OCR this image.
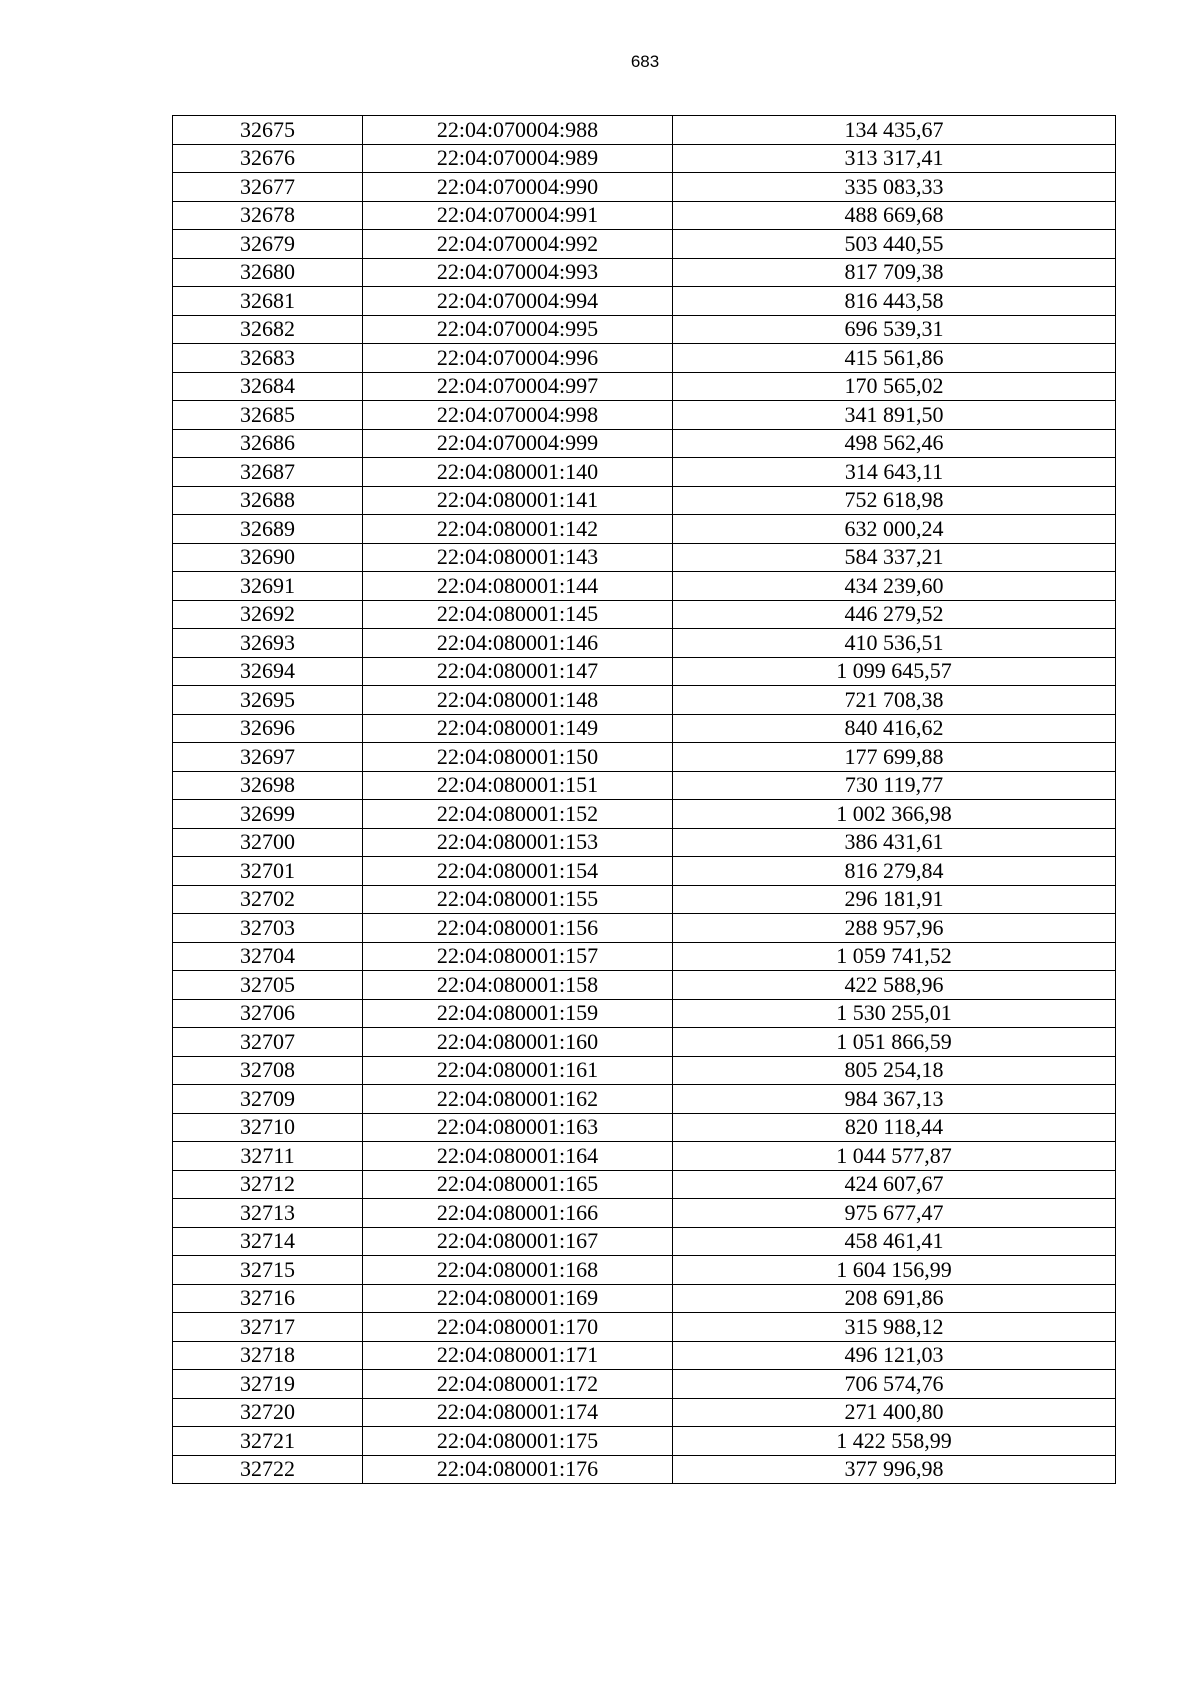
683
32675	22:04:070004:988	134 435,67
32676	22:04:070004:989	313 317,41
32677	22:04:070004:990	335 083,33
32678	22:04:070004:991	488 669,68
32679	22:04:070004:992	503 440,55
32680	22:04:070004:993	817 709,38
32681	22:04:070004:994	816 443,58
32682	22:04:070004:995	696 539,31
32683	22:04:070004:996	415 561,86
32684	22:04:070004:997	170 565,02
32685	22:04:070004:998	341 891,50
32686	22:04:070004:999	498 562,46
32687	22:04:080001:140	314 643,11
32688	22:04:080001:141	752 618,98
32689	22:04:080001:142	632 000,24
32690	22:04:080001:143	584 337,21
32691	22:04:080001:144	434 239,60
32692	22:04:080001:145	446 279,52
32693	22:04:080001:146	410 536,51
32694	22:04:080001:147	1 099 645,57
32695	22:04:080001:148	721 708,38
32696	22:04:080001:149	840 416,62
32697	22:04:080001:150	177 699,88
32698	22:04:080001:151	730 119,77
32699	22:04:080001:152	1 002 366,98
32700	22:04:080001:153	386 431,61
32701	22:04:080001:154	816 279,84
32702	22:04:080001:155	296 181,91
32703	22:04:080001:156	288 957,96
32704	22:04:080001:157	1 059 741,52
32705	22:04:080001:158	422 588,96
32706	22:04:080001:159	1 530 255,01
32707	22:04:080001:160	1 051 866,59
32708	22:04:080001:161	805 254,18
32709	22:04:080001:162	984 367,13
32710	22:04:080001:163	820 118,44
32711	22:04:080001:164	1 044 577,87
32712	22:04:080001:165	424 607,67
32713	22:04:080001:166	975 677,47
32714	22:04:080001:167	458 461,41
32715	22:04:080001:168	1 604 156,99
32716	22:04:080001:169	208 691,86
32717	22:04:080001:170	315 988,12
32718	22:04:080001:171	496 121,03
32719	22:04:080001:172	706 574,76
32720	22:04:080001:174	271 400,80
32721	22:04:080001:175	1 422 558,99
32722	22:04:080001:176	377 996,98
